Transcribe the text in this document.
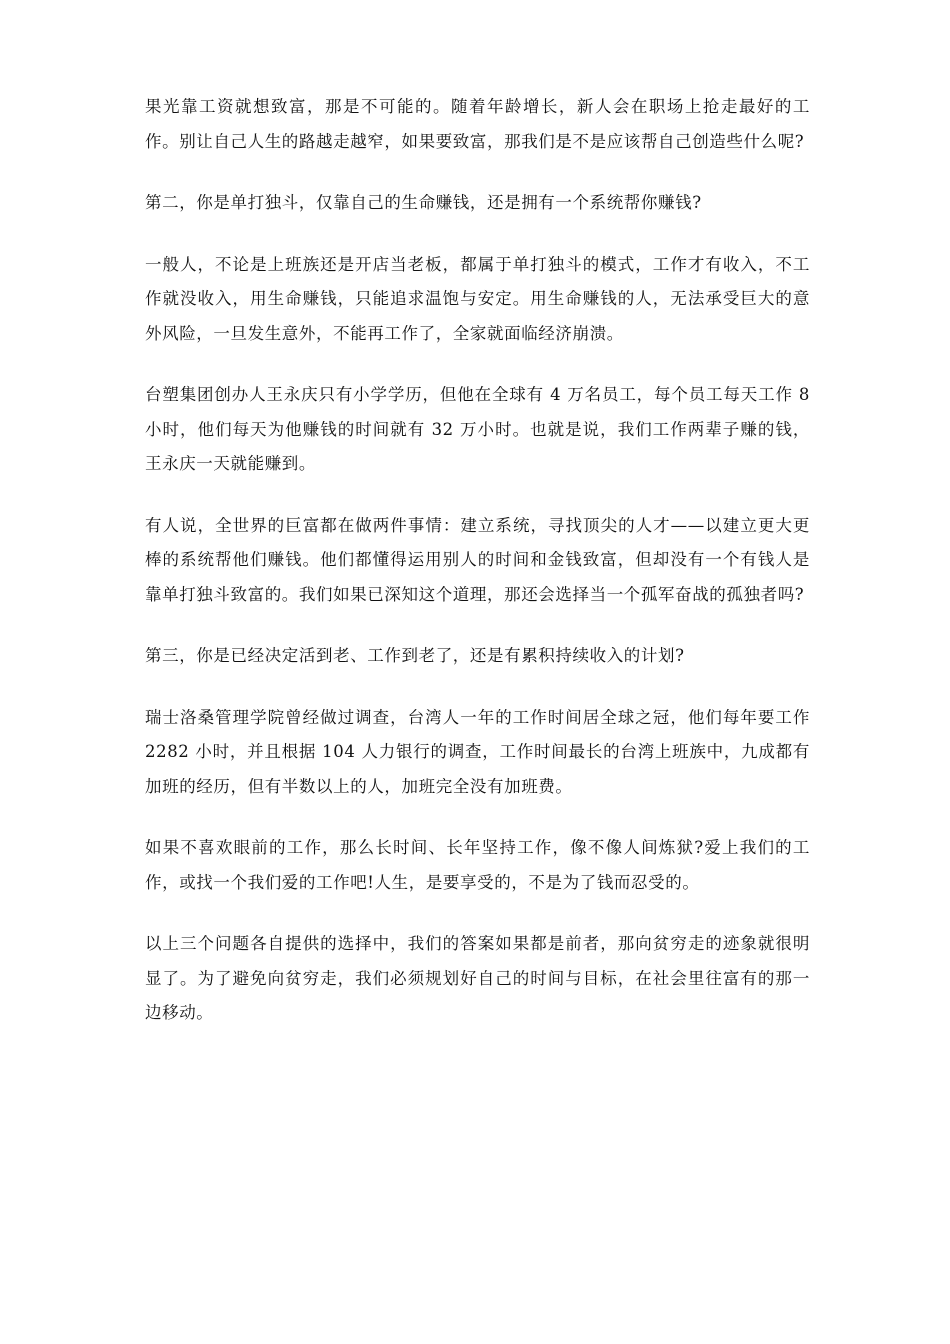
果光靠工资就想致富，那是不可能的。随着年龄增长，新人会在职场上抢走最好的工作。别让自己人生的路越走越窄，如果要致富，那我们是不是应该帮自己创造些什么呢?

第二，你是单打独斗，仅靠自己的生命赚钱，还是拥有一个系统帮你赚钱?

一般人，不论是上班族还是开店当老板，都属于单打独斗的模式，工作才有收入，不工作就没收入，用生命赚钱，只能追求温饱与安定。用生命赚钱的人，无法承受巨大的意外风险，一旦发生意外，不能再工作了，全家就面临经济崩溃。

台塑集团创办人王永庆只有小学学历，但他在全球有 4 万名员工，每个员工每天工作 8 小时，他们每天为他赚钱的时间就有 32 万小时。也就是说，我们工作两辈子赚的钱，王永庆一天就能赚到。

有人说，全世界的巨富都在做两件事情：建立系统，寻找顶尖的人才——以建立更大更棒的系统帮他们赚钱。他们都懂得运用别人的时间和金钱致富，但却没有一个有钱人是靠单打独斗致富的。我们如果已深知这个道理，那还会选择当一个孤军奋战的孤独者吗?

第三，你是已经决定活到老、工作到老了，还是有累积持续收入的计划?

瑞士洛桑管理学院曾经做过调查，台湾人一年的工作时间居全球之冠，他们每年要工作 2282 小时，并且根据 104 人力银行的调查，工作时间最长的台湾上班族中，九成都有加班的经历，但有半数以上的人，加班完全没有加班费。

如果不喜欢眼前的工作，那么长时间、长年坚持工作，像不像人间炼狱?爱上我们的工作，或找一个我们爱的工作吧!人生，是要享受的，不是为了钱而忍受的。

以上三个问题各自提供的选择中，我们的答案如果都是前者，那向贫穷走的迹象就很明显了。为了避免向贫穷走，我们必须规划好自己的时间与目标，在社会里往富有的那一边移动。
